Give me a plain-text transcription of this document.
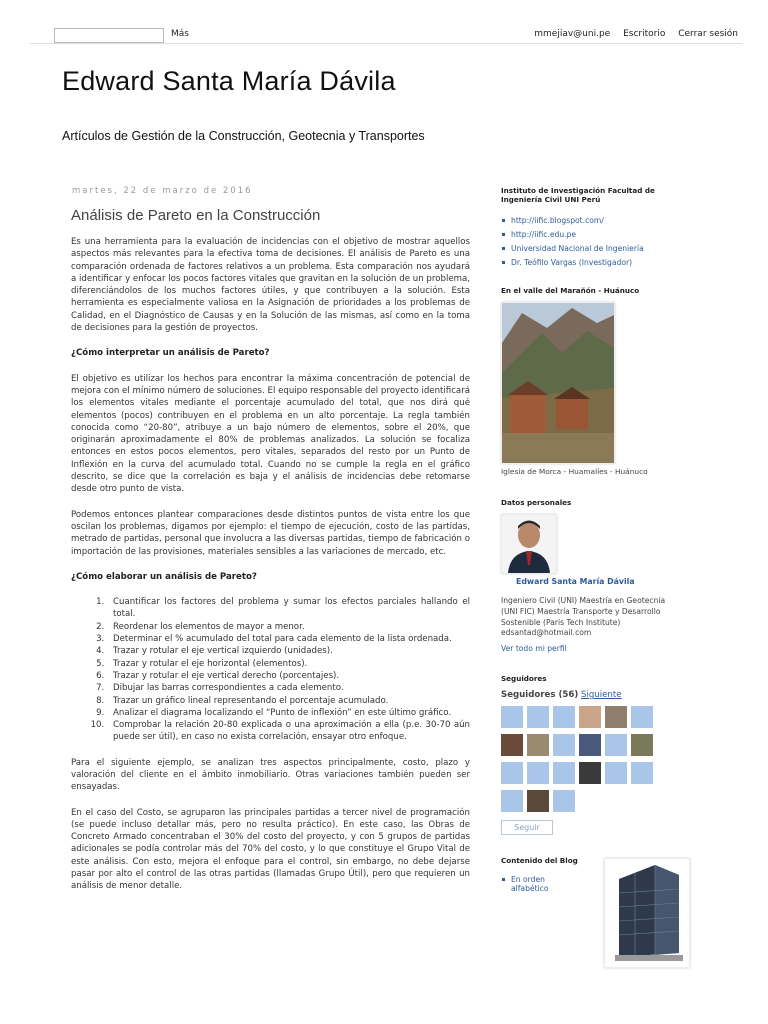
Más	mmejiav@uni.pe Escritorio Cerrar sesión
Edward Santa María Dávila
Artículos de Gestión de la Construcción, Geotecnia y Transportes
martes, 22 de marzo de 2016
Análisis de Pareto en la Construcción

Es una herramienta para la evaluación de incidencias con el objetivo de mostrar aquellos aspectos más relevantes para la efectiva toma de decisiones. El análisis de Pareto es una comparación ordenada de factores relativos a un problema. Esta comparación nos ayudará a identificar y enfocar los pocos factores vitales que gravitan en la solución de un problema, diferenciándolos de los muchos factores útiles, y que contribuyen a la solución. Esta herramienta es especialmente valiosa en la Asignación de prioridades a los problemas de Calidad, en el Diagnóstico de Causas y en la Solución de las mismas, así como en la toma de decisiones para la gestión de proyectos.

¿Cómo interpretar un análisis de Pareto?

El objetivo es utilizar los hechos para encontrar la máxima concentración de potencial de mejora con el mínimo número de soluciones. El equipo responsable del proyecto identificará los elementos vitales mediante el porcentaje acumulado del total, que nos dirá qué elementos (pocos) contribuyen en el problema en un alto porcentaje. La regla también conocida como “20-80”, atribuye a un bajo número de elementos, sobre el 20%, que originarán aproximadamente el 80% de problemas analizados. La solución se focaliza entonces en estos pocos elementos, pero vitales, separados del resto por un Punto de Inflexión en la curva del acumulado total. Cuando no se cumple la regla en el gráfico descrito, se dice que la correlación es baja y el análisis de incidencias debe retomarse desde otro punto de vista.

Podemos entonces plantear comparaciones desde distintos puntos de vista entre los que oscilan los problemas, digamos por ejemplo: el tiempo de ejecución, costo de las partidas, metrado de partidas, personal que involucra a las diversas partidas, tiempo de fabricación o importación de las provisiones, materiales sensibles a las variaciones de mercado, etc.

¿Cómo elaborar un análisis de Pareto?

1. Cuantificar los factores del problema y sumar los efectos parciales hallando el total.
2. Reordenar los elementos de mayor a menor.
3. Determinar el % acumulado del total para cada elemento de la lista ordenada.
4. Trazar y rotular el eje vertical izquierdo (unidades).
5. Trazar y rotular el eje horizontal (elementos).
6. Trazar y rotular el eje vertical derecho (porcentajes).
7. Dibujar las barras correspondientes a cada elemento.
8. Trazar un gráfico lineal representando el porcentaje acumulado.
9. Analizar el diagrama localizando el “Punto de inflexión” en este último gráfico.
10. Comprobar la relación 20-80 explicada o una aproximación a ella (p.e. 30-70 aún puede ser útil), en caso no exista correlación, ensayar otro enfoque.

Para el siguiente ejemplo, se analizan tres aspectos principalmente, costo, plazo y valoración del cliente en el ámbito inmobiliario. Otras variaciones también pueden ser ensayadas.

En el caso del Costo, se agruparon las principales partidas a tercer nivel de programación (se puede incluso detallar más, pero no resulta práctico). En este caso, las Obras de Concreto Armado concentraban el 30% del costo del proyecto, y con 5 grupos de partidas adicionales se podía controlar más del 70% del costo, y lo que constituye el Grupo Vital de este análisis. Con esto, mejora el enfoque para el control, sin embargo, no debe dejarse pasar por alto el control de las otras partidas (llamadas Grupo Útil), pero que requieren un análisis de menor detalle.

Instituto de Investigación Facultad de Ingeniería Civil UNI Perú
http://iific.blogspot.com/
http://iific.edu.pe
Universidad Nacional de Ingeniería
Dr. Teófilo Vargas (Investigador)
En el valle del Marañón - Huánuco
Iglesia de Morca - Huamalíes - Huánuco
Datos personales
Edward Santa María Dávila
Ingeniero Civil (UNI) Maestría en Geotecnia (UNI FIC) Maestría Transporte y Desarrollo Sostenible (Paris Tech Institute) edsantad@hotmail.com
Ver todo mi perfil
Seguidores
Seguidores (56) Siguiente

Seguir
Contenido del Blog
En orden alfabético
